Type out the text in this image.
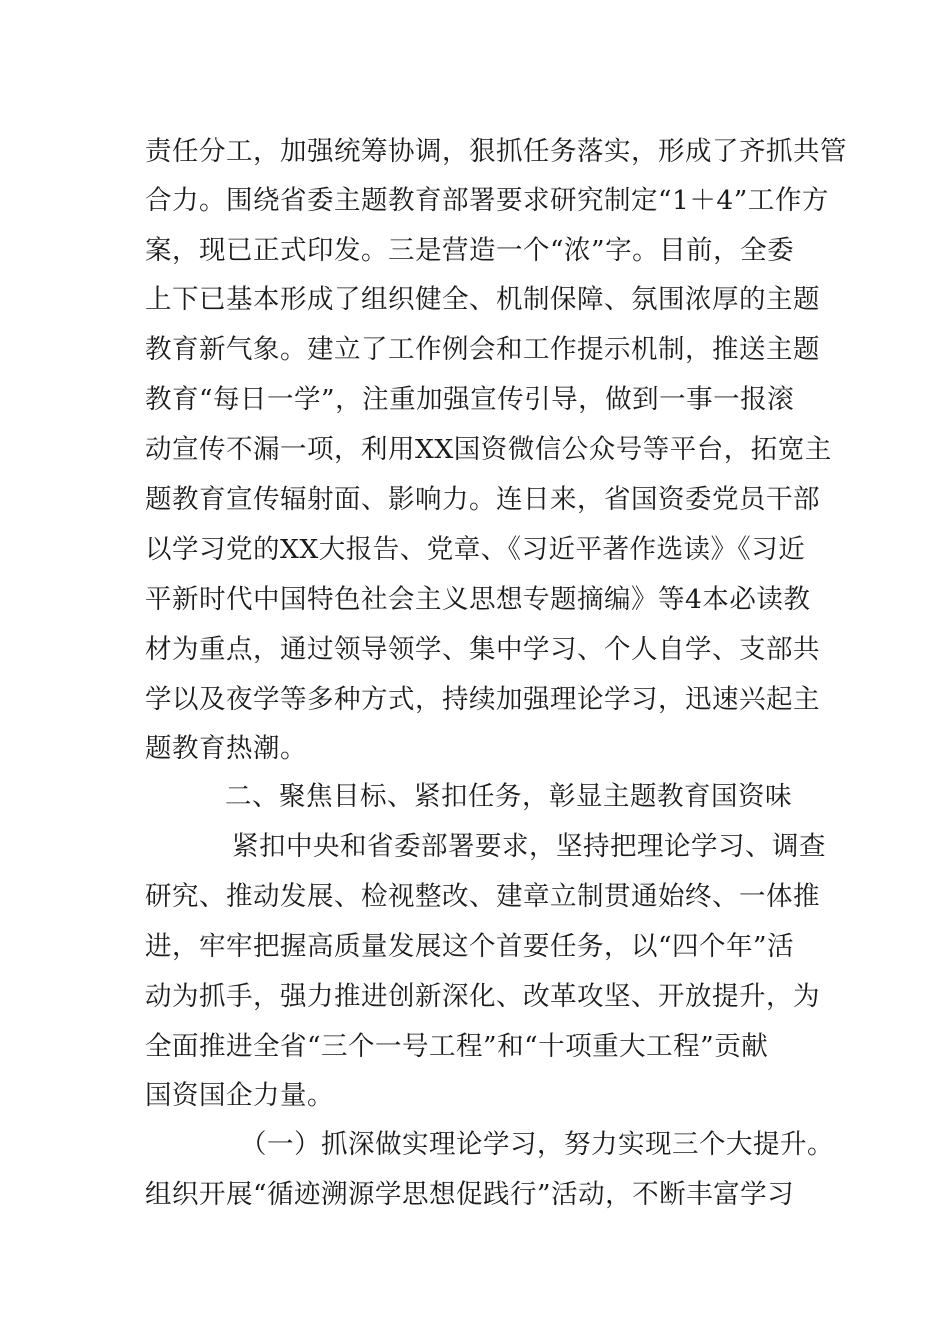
责任分工，加强统筹协调，狠抓任务落实，形成了齐抓共管
合力。围绕省委主题教育部署要求研究制定“1＋4”工作方
案，现已正式印发。三是营造一个“浓”字。目前，全委
上下已基本形成了组织健全、机制保障、氛围浓厚的主题
教育新气象。建立了工作例会和工作提示机制，推送主题
教育“每日一学”，注重加强宣传引导，做到一事一报滚
动宣传不漏一项，利用XX国资微信公众号等平台，拓宽主
题教育宣传辐射面、影响力。连日来，省国资委党员干部
以学习党的XX大报告、党章、《习近平著作选读》《习近
平新时代中国特色社会主义思想专题摘编》等4本必读教
材为重点，通过领导领学、集中学习、个人自学、支部共
学以及夜学等多种方式，持续加强理论学习，迅速兴起主
题教育热潮。
二、聚焦目标、紧扣任务，彰显主题教育国资味
紧扣中央和省委部署要求，坚持把理论学习、调查
研究、推动发展、检视整改、建章立制贯通始终、一体推
进，牢牢把握高质量发展这个首要任务，以“四个年”活
动为抓手，强力推进创新深化、改革攻坚、开放提升，为
全面推进全省“三个一号工程”和“十项重大工程”贡献
国资国企力量。
（一）抓深做实理论学习，努力实现三个大提升。
组织开展“循迹溯源学思想促践行”活动，不断丰富学习
